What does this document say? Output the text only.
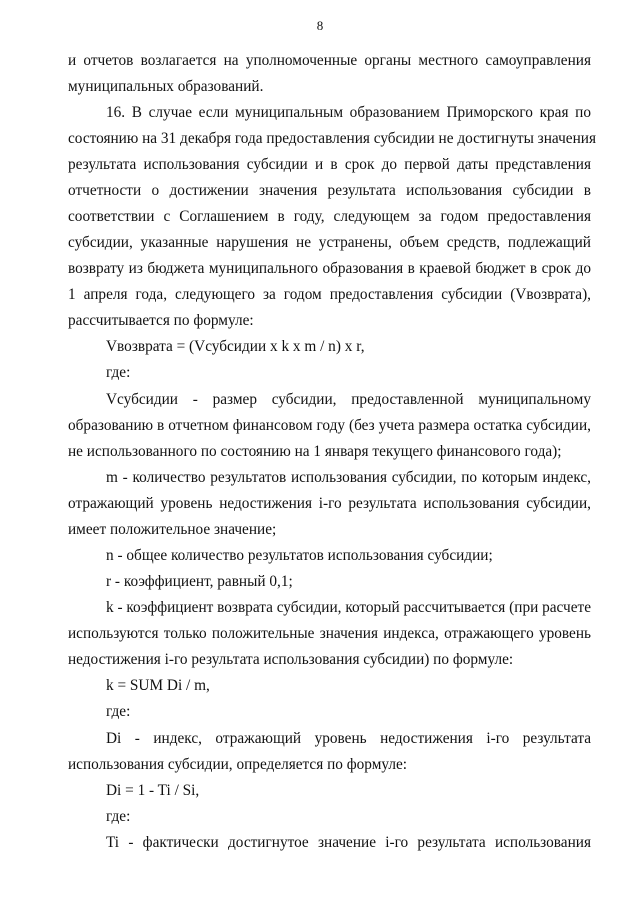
8
и отчетов возлагается на уполномоченные органы местного самоуправления
муниципальных образований.
16. В случае если муниципальным образованием Приморского края по
состоянию на 31 декабря года предоставления субсидии не достигнуты значения
результата использования субсидии и в срок до первой даты представления
отчетности о достижении значения результата использования субсидии в
соответствии с Соглашением в году, следующем за годом предоставления
субсидии, указанные нарушения не устранены, объем средств, подлежащий
возврату из бюджета муниципального образования в краевой бюджет в срок до
1 апреля года, следующего за годом предоставления субсидии (Vвозврата),
рассчитывается по формуле:
Vвозврата = (Vсубсидии x k x m / n) x r,
где:
Vсубсидии - размер субсидии, предоставленной муниципальному
образованию в отчетном финансовом году (без учета размера остатка субсидии,
не использованного по состоянию на 1 января текущего финансового года);
m - количество результатов использования субсидии, по которым индекс,
отражающий уровень недостижения i-го результата использования субсидии,
имеет положительное значение;
n - общее количество результатов использования субсидии;
r - коэффициент, равный 0,1;
k - коэффициент возврата субсидии, который рассчитывается (при расчете
используются только положительные значения индекса, отражающего уровень
недостижения i-го результата использования субсидии) по формуле:
k = SUM Di / m,
где:
Di - индекс, отражающий уровень недостижения i-го результата
использования субсидии, определяется по формуле:
Di = 1 - Ti / Si,
где:
Ti - фактически достигнутое значение i-го результата использования
